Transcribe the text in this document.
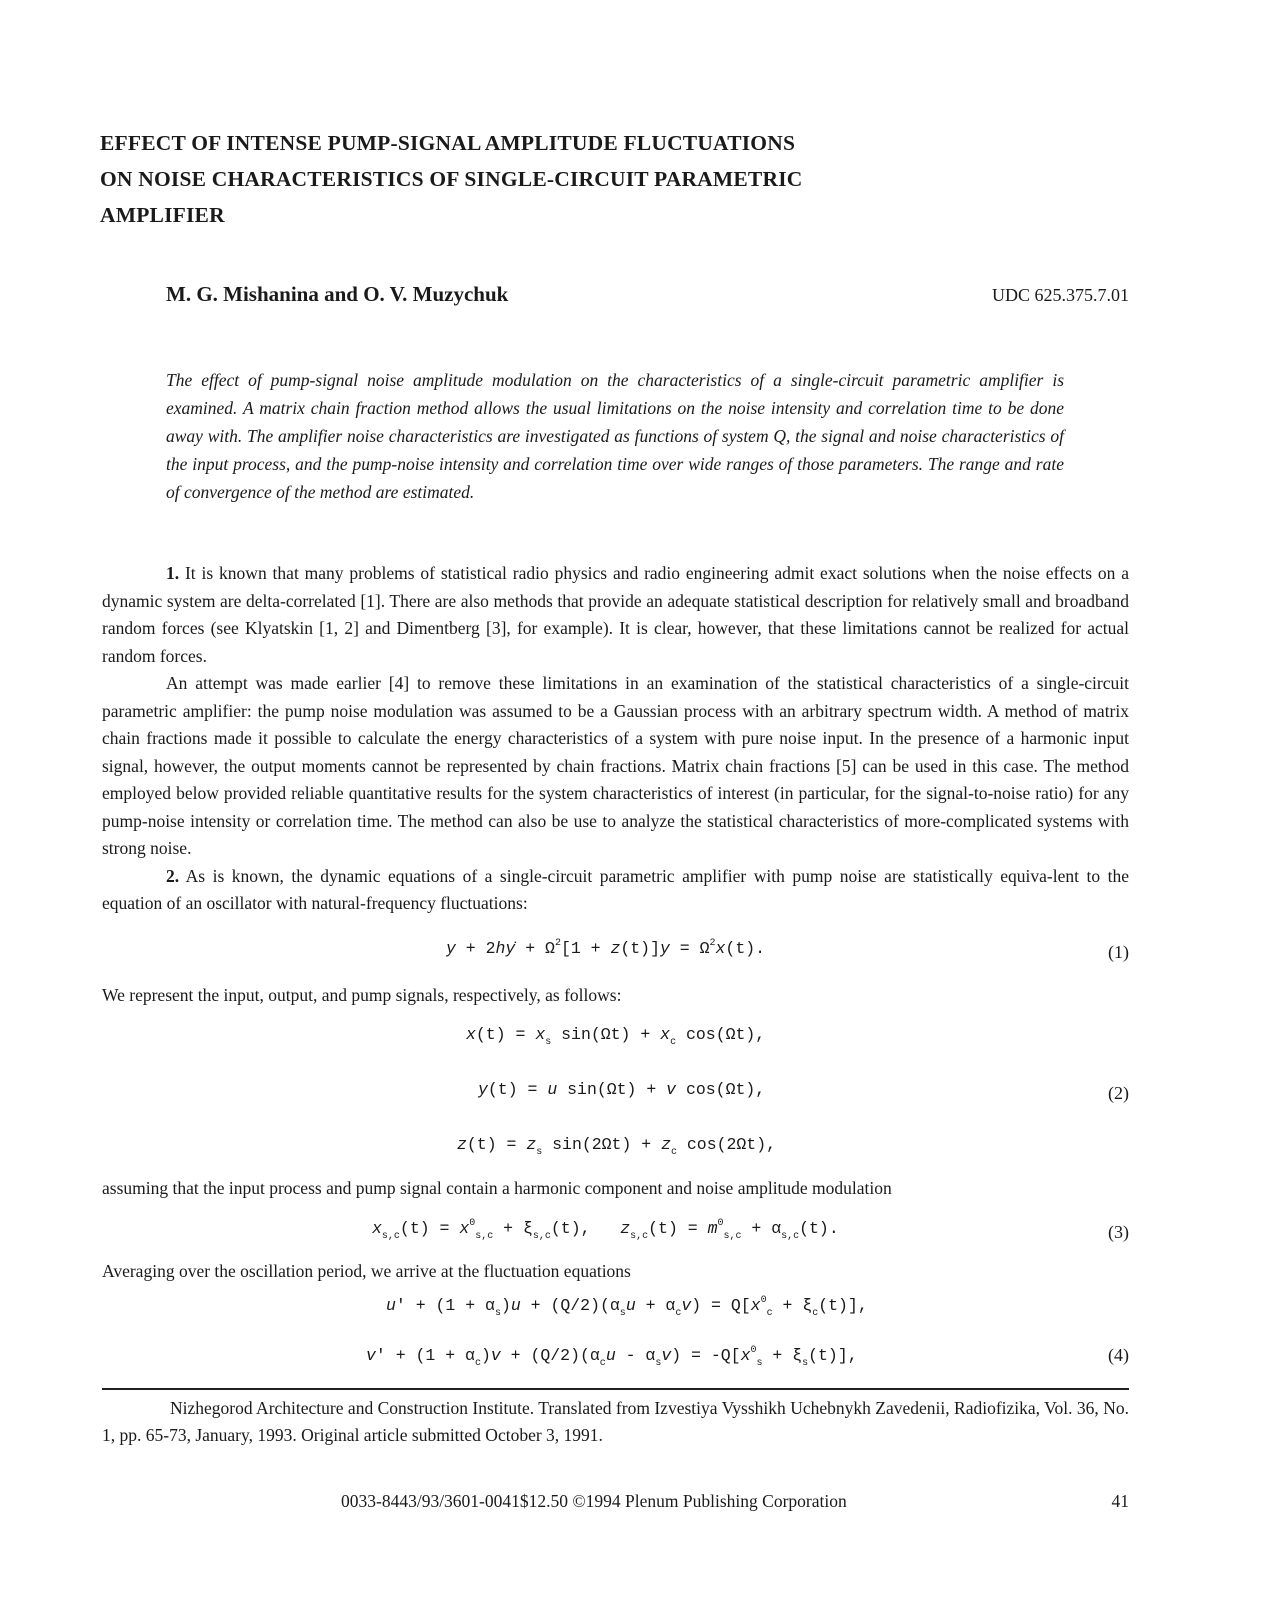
EFFECT OF INTENSE PUMP-SIGNAL AMPLITUDE FLUCTUATIONS
ON NOISE CHARACTERISTICS OF SINGLE-CIRCUIT PARAMETRIC
AMPLIFIER
M. G. Mishanina and O. V. Muzychuk	UDC 625.375.7.01
The effect of pump-signal noise amplitude modulation on the characteristics of a single-circuit parametric amplifier is examined. A matrix chain fraction method allows the usual limitations on the noise intensity and correlation time to be done away with. The amplifier noise characteristics are investigated as functions of system Q, the signal and noise characteristics of the input process, and the pump-noise intensity and correlation time over wide ranges of those parameters. The range and rate of convergence of the method are estimated.

1. It is known that many problems of statistical radio physics and radio engineering admit exact solutions when the noise effects on a dynamic system are delta-correlated [1]. There are also methods that provide an adequate statistical description for relatively small and broadband random forces (see Klyatskin [1, 2] and Dimentberg [3], for example). It is clear, however, that these limitations cannot be realized for actual random forces.

An attempt was made earlier [4] to remove these limitations in an examination of the statistical characteristics of a single-circuit parametric amplifier: the pump noise modulation was assumed to be a Gaussian process with an arbitrary spectrum width. A method of matrix chain fractions made it possible to calculate the energy characteristics of a system with pure noise input. In the presence of a harmonic input signal, however, the output moments cannot be represented by chain fractions. Matrix chain fractions [5] can be used in this case. The method employed below provided reliable quantitative results for the system characteristics of interest (in particular, for the signal-to-noise ratio) for any pump-noise intensity or correlation time. The method can also be use to analyze the statistical characteristics of more-complicated systems with strong noise.

2. As is known, the dynamic equations of a single-circuit parametric amplifier with pump noise are statistically equiva-lent to the equation of an oscillator with natural-frequency fluctuations:

y + 2hẏ + $\Omega^2[1 + z(t)]y = \Omega^2x(t)$.	(1)

We represent the input, output, and pump signals, respectively, as follows:

$x(t) = x_s$ $\sin(\Omega t) + x_c$ cos(Ωt),
y(t) = u sin(Ωt) + v cos(Ωt),	(2)
$z(t) = z_s$ $\sin(2\Omega t) + z_c$ cos(2Ωt),

assuming that the input process and pump signal contain a harmonic component and noise amplitude modulation

$x_{s,c}(t) = x^0_{s,c} + \xi_{s,c}(t)$,   $z_{s,c}(t) = m^0_{s,c} + \alpha_{s,c}(t)$.	(3)

Averaging over the oscillation period, we arrive at the fluctuation equations

$u' + (1 + \alpha_s)u + (Q/2)(\alpha_su + \alpha_cv) = Q[x^0_c + \xi_c(t)]$,
$v' + (1 + \alpha_c)v + (Q/2)(\alpha_cu - \alpha_sv) = -Q[x^0_s + \xi_s(t)]$,	(4)
Nizhegorod Architecture and Construction Institute. Translated from Izvestiya Vysshikh Uchebnykh Zavedenii, Radiofizika, Vol. 36, No. 1, pp. 65-73, January, 1993. Original article submitted October 3, 1991.
0033-8443/93/3601-0041$12.50 ©1994 Plenum Publishing Corporation	41
